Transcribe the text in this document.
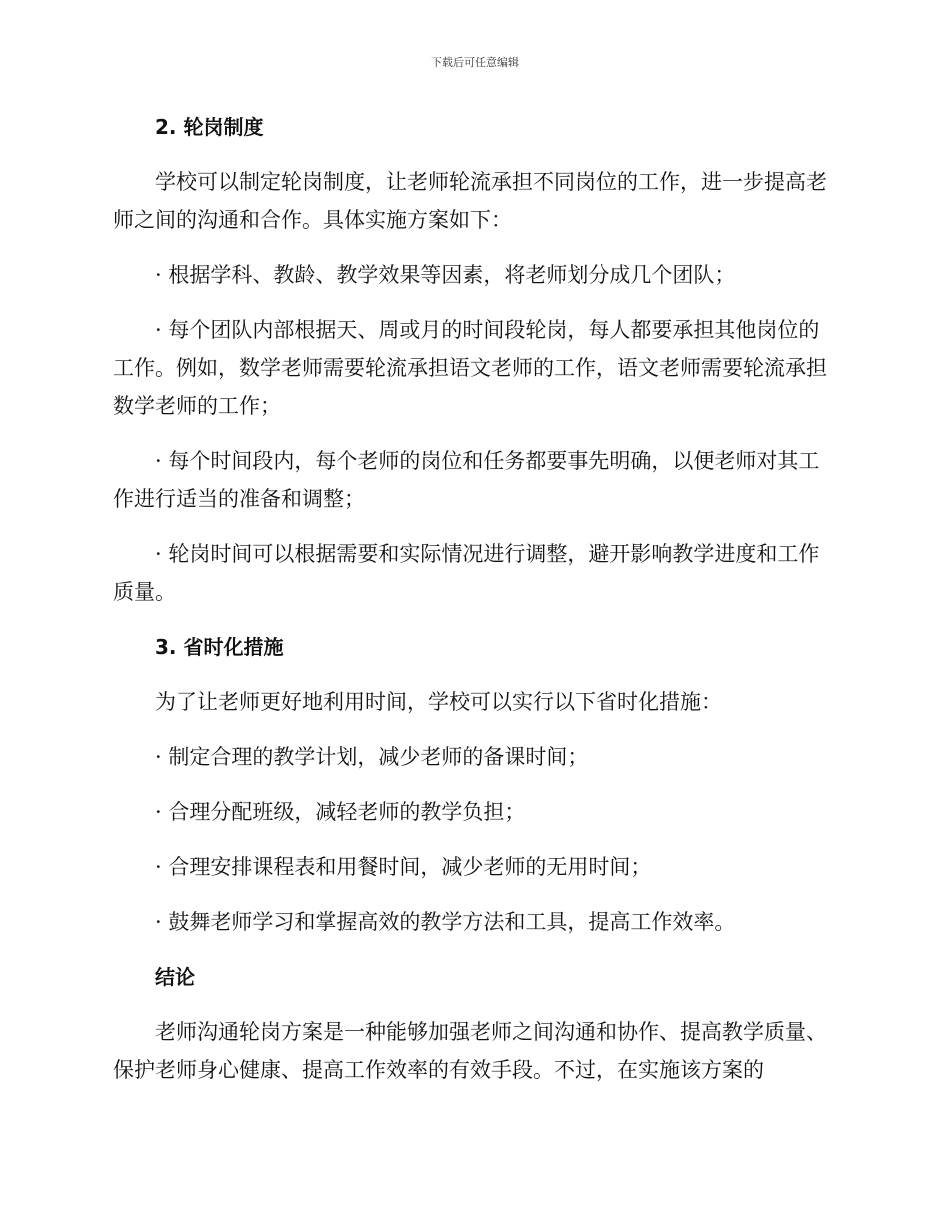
下载后可任意编辑

2. 轮岗制度

学校可以制定轮岗制度，让老师轮流承担不同岗位的工作，进一步提高老师之间的沟通和合作。具体实施方案如下：

· 根据学科、教龄、教学效果等因素，将老师划分成几个团队；

· 每个团队内部根据天、周或月的时间段轮岗，每人都要承担其他岗位的工作。例如，数学老师需要轮流承担语文老师的工作，语文老师需要轮流承担数学老师的工作；

· 每个时间段内，每个老师的岗位和任务都要事先明确，以便老师对其工作进行适当的准备和调整；

· 轮岗时间可以根据需要和实际情况进行调整，避开影响教学进度和工作质量。

3. 省时化措施

为了让老师更好地利用时间，学校可以实行以下省时化措施：

· 制定合理的教学计划，减少老师的备课时间；

· 合理分配班级，减轻老师的教学负担；

· 合理安排课程表和用餐时间，减少老师的无用时间；

· 鼓舞老师学习和掌握高效的教学方法和工具，提高工作效率。

结论

老师沟通轮岗方案是一种能够加强老师之间沟通和协作、提高教学质量、保护老师身心健康、提高工作效率的有效手段。不过，在实施该方案的
